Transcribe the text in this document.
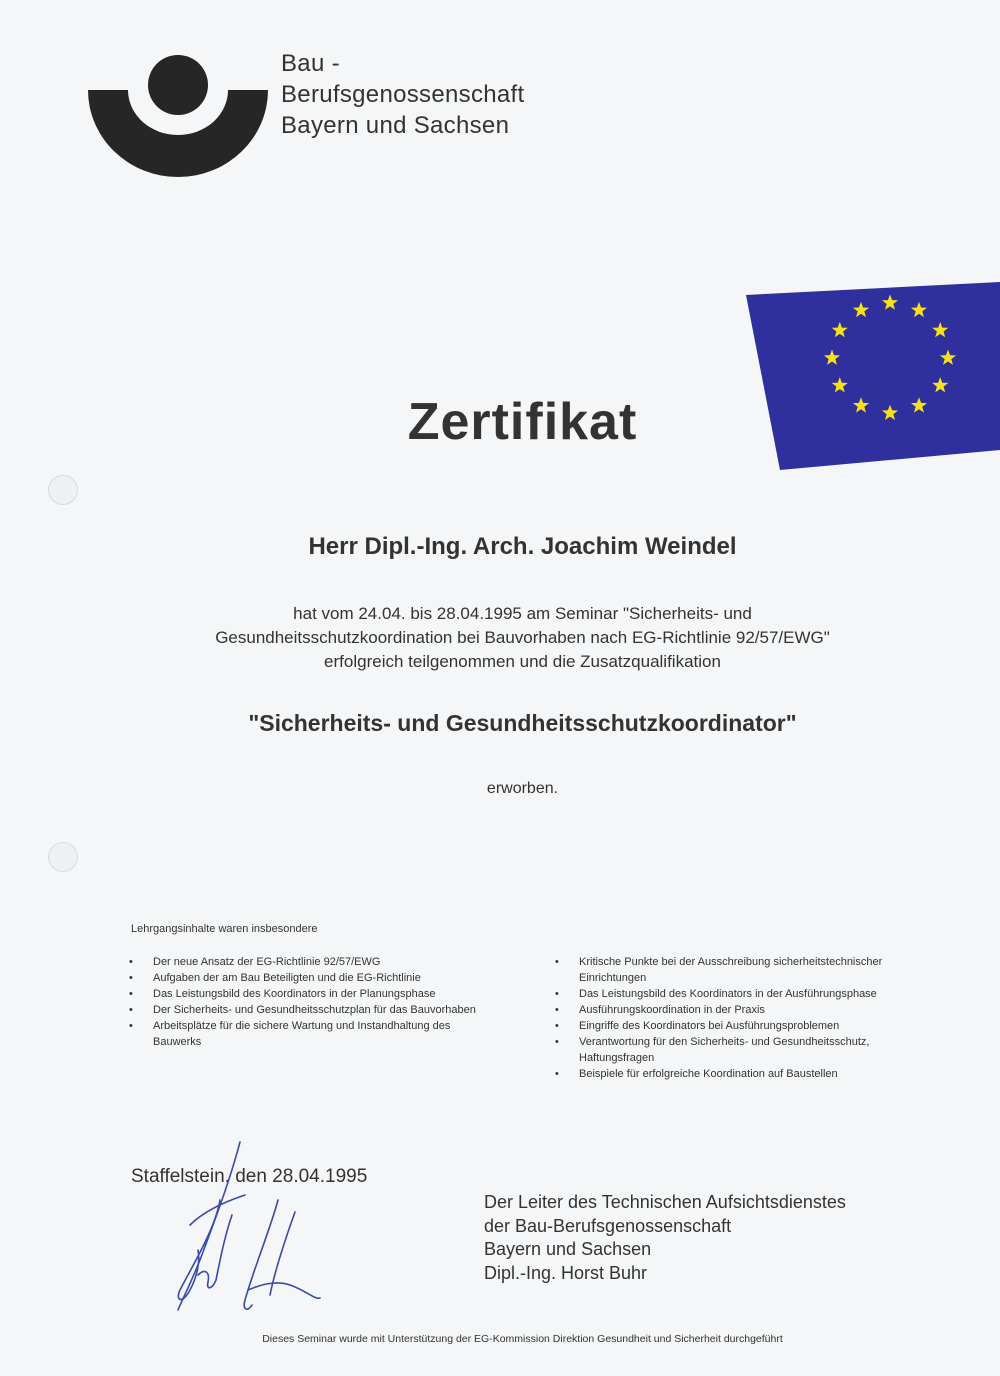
Bau -
Berufsgenossenschaft
Bayern und Sachsen
Zertifikat
Herr Dipl.-Ing. Arch. Joachim Weindel
hat vom 24.04. bis 28.04.1995 am Seminar "Sicherheits- und
Gesundheitsschutzkoordination bei Bauvorhaben nach EG-Richtlinie 92/57/EWG"
erfolgreich teilgenommen und die Zusatzqualifikation
"Sicherheits- und Gesundheitsschutzkoordinator"
erworben.
Lehrgangsinhalte waren insbesondere
• Der neue Ansatz der EG-Richtlinie 92/57/EWG
• Aufgaben der am Bau Beteiligten und die EG-Richtlinie
• Das Leistungsbild des Koordinators in der Planungsphase
• Der Sicherheits- und Gesundheitsschutzplan für das Bauvorhaben
• Arbeitsplätze für die sichere Wartung und Instandhaltung des Bauwerks
• Kritische Punkte bei der Ausschreibung sicherheitstechnischer Einrichtungen
• Das Leistungsbild des Koordinators in der Ausführungsphase
• Ausführungskoordination in der Praxis
• Eingriffe des Koordinators bei Ausführungsproblemen
• Verantwortung für den Sicherheits- und Gesundheitsschutz, Haftungsfragen
• Beispiele für erfolgreiche Koordination auf Baustellen
Staffelstein, den 28.04.1995
Der Leiter des Technischen Aufsichtsdienstes
der Bau-Berufsgenossenschaft
Bayern und Sachsen
Dipl.-Ing. Horst Buhr
Dieses Seminar wurde mit Unterstützung der EG-Kommission Direktion Gesundheit und Sicherheit durchgeführt
